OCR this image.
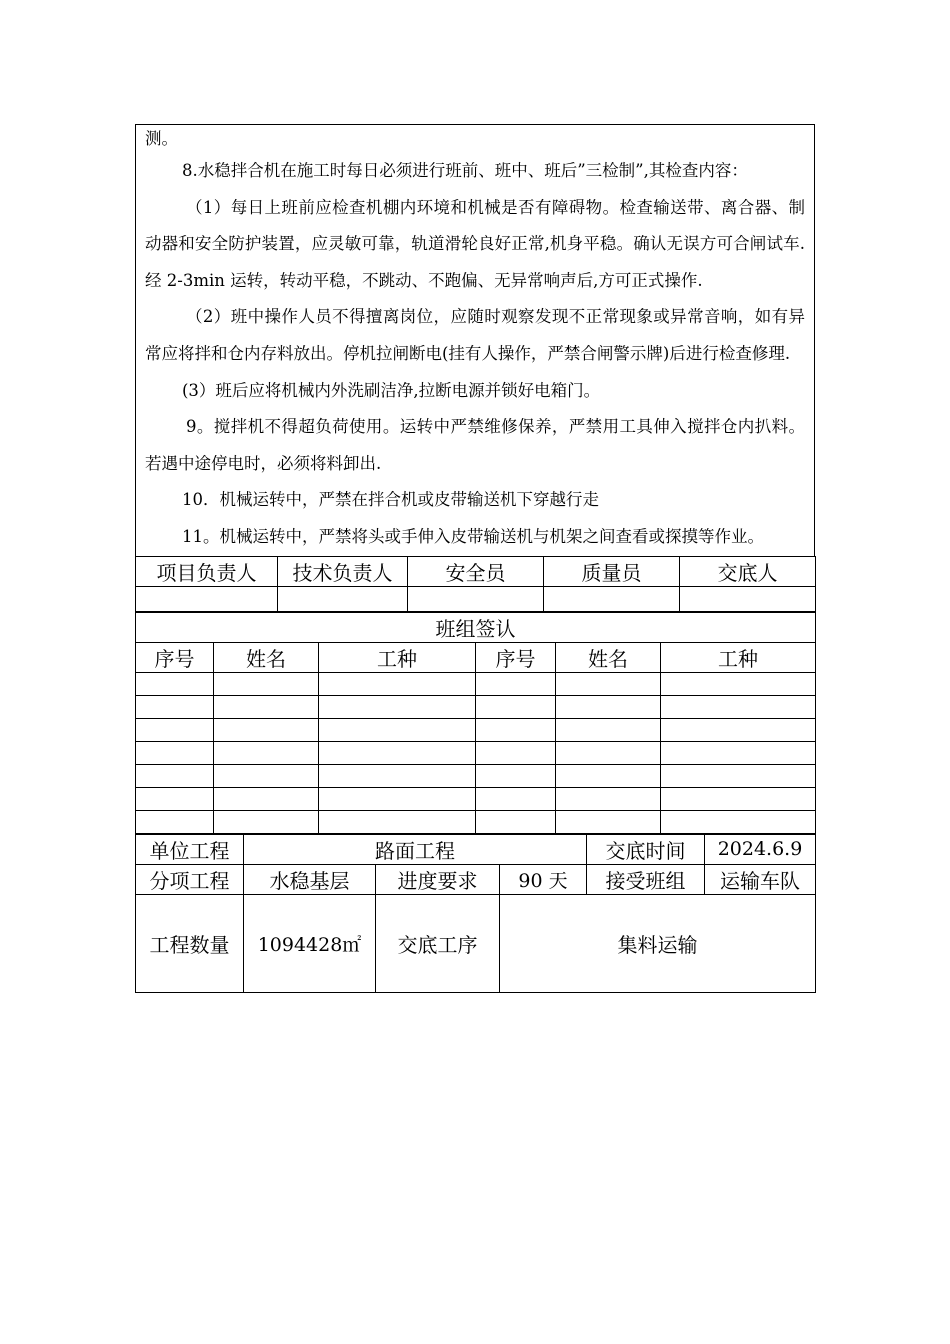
测。

8.水稳拌合机在施工时每日必须进行班前、班中、班后”三检制”,其检查内容：

（1）每日上班前应检查机棚内环境和机械是否有障碍物。检查输送带、离合器、制动器和安全防护装置，应灵敏可靠，轨道滑轮良好正常,机身平稳。确认无误方可合闸试车.经 2-3min 运转，转动平稳，不跳动、不跑偏、无异常响声后,方可正式操作.

（2）班中操作人员不得擅离岗位，应随时观察发现不正常现象或异常音响，如有异常应将拌和仓内存料放出。停机拉闸断电(挂有人操作，严禁合闸警示牌)后进行检查修理.

(3）班后应将机械内外洗刷洁净,拉断电源并锁好电箱门。

9。搅拌机不得超负荷使用。运转中严禁维修保养，严禁用工具伸入搅拌仓内扒料。若遇中途停电时，必须将料卸出.

10．机械运转中，严禁在拌合机或皮带输送机下穿越行走

11。机械运转中，严禁将头或手伸入皮带输送机与机架之间查看或探摸等作业。

项目负责人	技术负责人	安全员	质量员	交底人

班组签认					
序号	姓名	工种	序号	姓名	工种

单位工程	路面工程			交底时间	2024.6.9
分项工程	水稳基层	进度要求	90 天	接受班组	运输车队
工程数量	1094428㎡	交底工序	集料运输		
